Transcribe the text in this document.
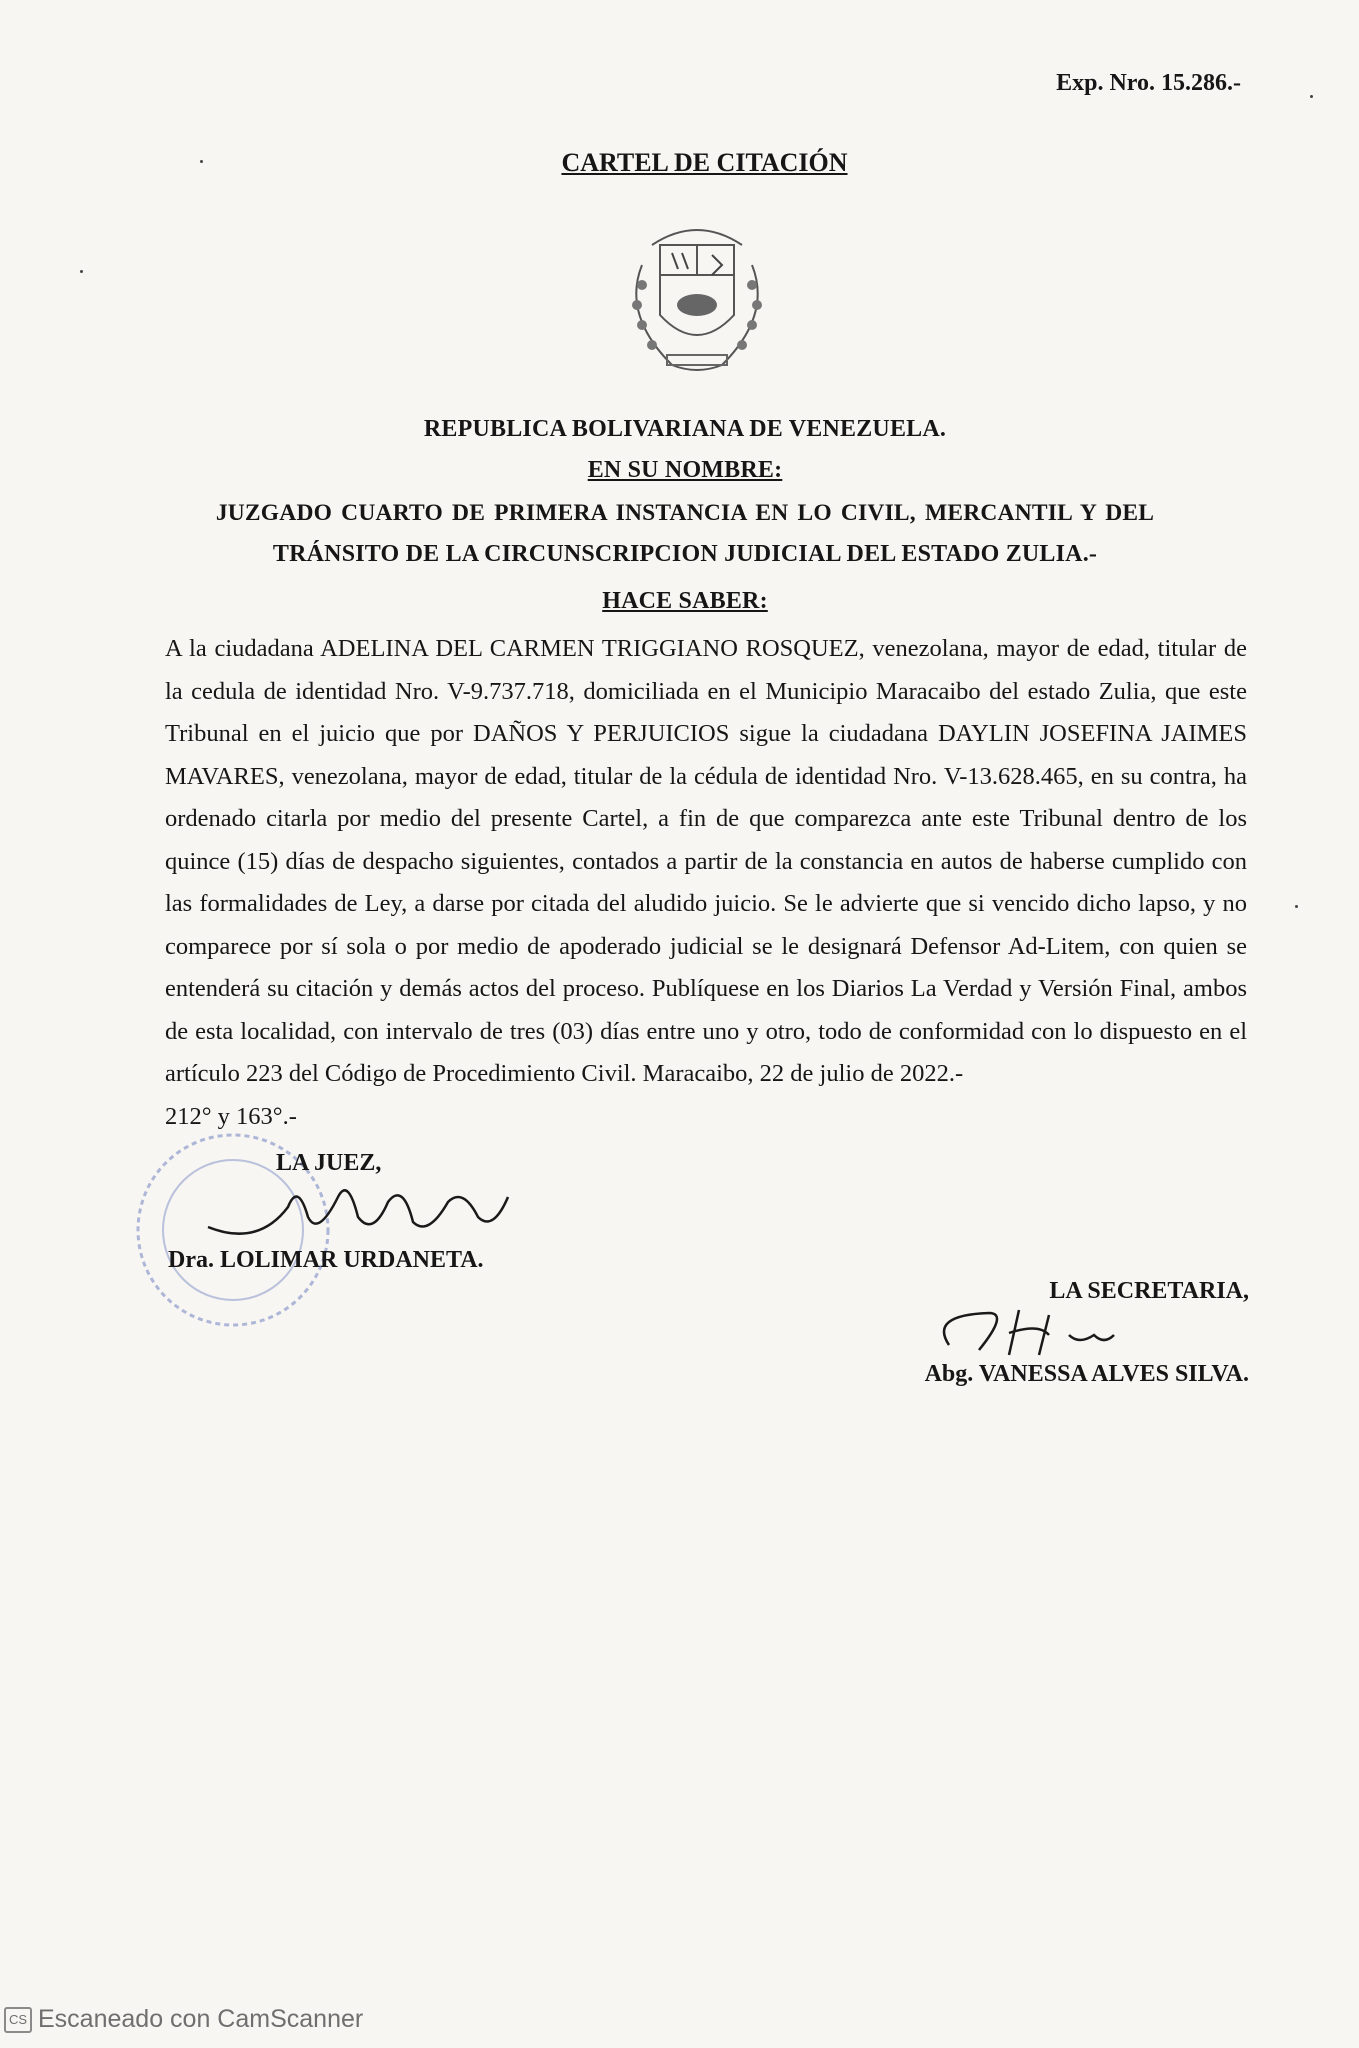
Exp. Nro. 15.286.-
CARTEL DE CITACIÓN
REPUBLICA BOLIVARIANA DE VENEZUELA.
EN SU NOMBRE:
JUZGADO CUARTO DE PRIMERA INSTANCIA EN LO CIVIL, MERCANTIL Y DEL
TRÁNSITO DE LA CIRCUNSCRIPCION JUDICIAL DEL ESTADO ZULIA.-
HACE SABER:

A la ciudadana ADELINA DEL CARMEN TRIGGIANO ROSQUEZ, venezolana, mayor de edad, titular de la cedula de identidad Nro. V-9.737.718, domiciliada en el Municipio Maracaibo del estado Zulia, que este Tribunal en el juicio que por DAÑOS Y PERJUICIOS sigue la ciudadana DAYLIN JOSEFINA JAIMES MAVARES, venezolana, mayor de edad, titular de la cédula de identidad Nro. V-13.628.465, en su contra, ha ordenado citarla por medio del presente Cartel, a fin de que comparezca ante este Tribunal dentro de los quince (15) días de despacho siguientes, contados a partir de la constancia en autos de haberse cumplido con las formalidades de Ley, a darse por citada del aludido juicio. Se le advierte que si vencido dicho lapso, y no comparece por sí sola o por medio de apoderado judicial se le designará Defensor Ad-Litem, con quien se entenderá su citación y demás actos del proceso. Publíquese en los Diarios La Verdad y Versión Final, ambos de esta localidad, con intervalo de tres (03) días entre uno y otro, todo de conformidad con lo dispuesto en el artículo 223 del Código de Procedimiento Civil. Maracaibo, 22 de julio de 2022.-

212° y 163°.-

LA JUEZ,
Dra. LOLIMAR URDANETA.
LA SECRETARIA,
Abg. VANESSA ALVES SILVA.
CS Escaneado con CamScanner
